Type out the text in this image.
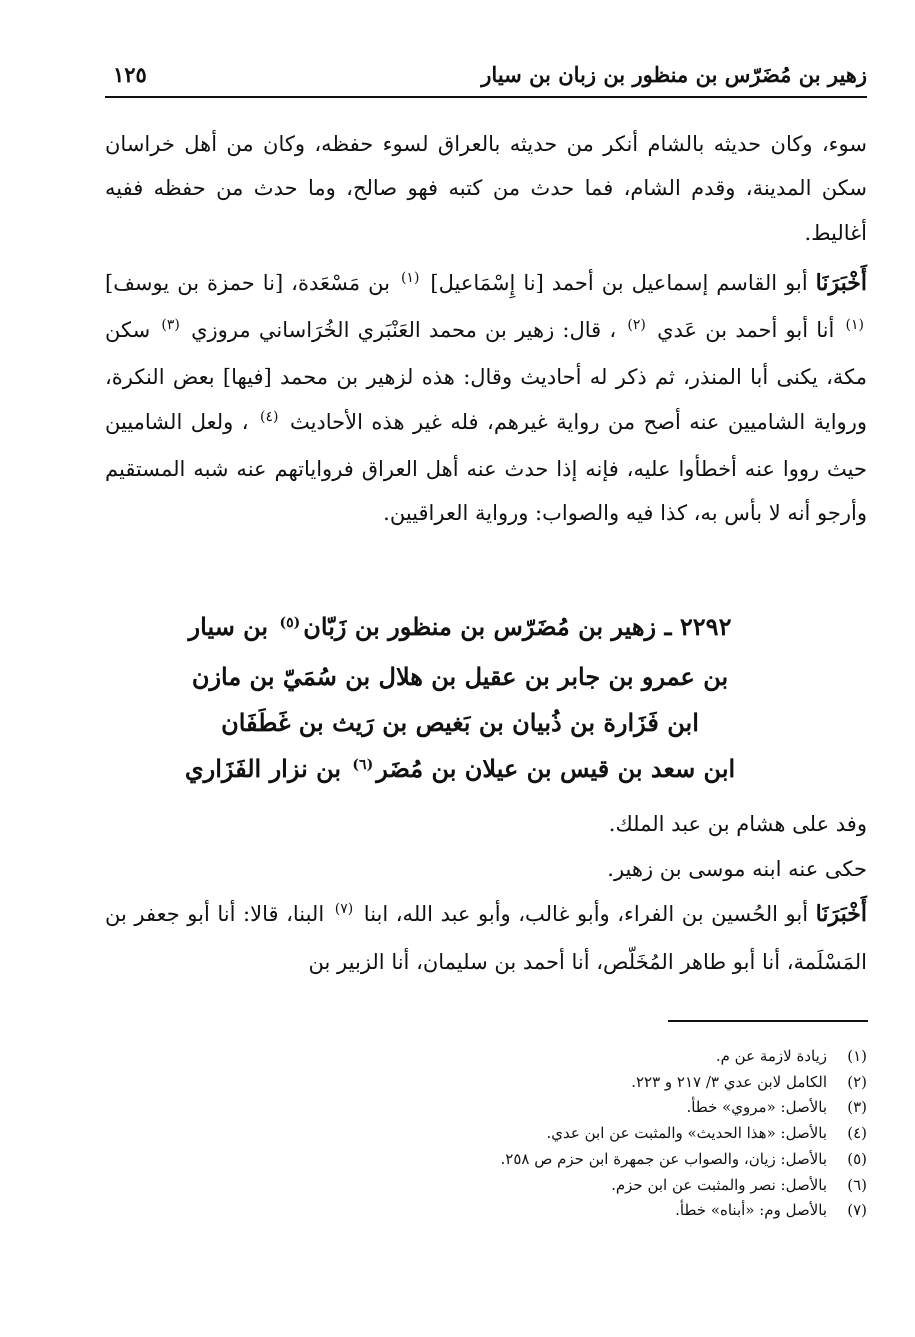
زهير بن مُضَرّس بن منظور بن زبان بن سيار
١٢٥

سوء، وكان حديثه بالشام أنكر من حديثه بالعراق لسوء حفظه، وكان من أهل خراسان سكن المدينة، وقدم الشام، فما حدث من كتبه فهو صالح، وما حدث من حفظه ففيه أغاليط.

أَخْبَرَنَا أبو القاسم إسماعيل بن أحمد [نا إِسْمَاعيل] $^{(١)}$ بن مَسْعَدة، [نا حمزة بن يوسف] $^{(١)}$ أنا أبو أحمد بن عَدي $^{(٢)}$ ، قال: زهير بن محمد العَنْبَري الخُرَاساني مروزي $^{(٣)}$ سكن مكة، يكنى أبا المنذر، ثم ذكر له أحاديث وقال: هذه لزهير بن محمد [فيها] بعض النكرة، ورواية الشاميين عنه أصح من رواية غيرهم، فله غير هذه الأحاديث $^{(٤)}$ ، ولعل الشاميين حيث رووا عنه أخطأوا عليه، فإنه إذا حدث عنه أهل العراق فرواياتهم عنه شبه المستقيم وأرجو أنه لا بأس به، كذا فيه والصواب: ورواية العراقيين.

٢٢٩٢ ـ زهير بن مُضَرّس بن منظور بن زَبّان$^{(٥)}$ بن سيار
بن عمرو بن جابر بن عقيل بن هلال بن سُمَيّ بن مازن
ابن فَزَارة بن ذُبيان بن بَغيص بن رَيث بن غَطَفَان
ابن سعد بن قيس بن عيلان بن مُضَر$^{(٦)}$ بن نزار الفَزَاري

وفد على هشام بن عبد الملك.

حكى عنه ابنه موسى بن زهير.

أَخْبَرَنَا أبو الحُسين بن الفراء، وأبو غالب، وأبو عبد الله، ابنا $^{(٧)}$ البنا، قالا: أنا أبو جعفر بن المَسْلَمة، أنا أبو طاهر المُخَلّص، أنا أحمد بن سليمان، أنا الزبير بن

(١)زيادة لازمة عن م.
(٢)الكامل لابن عدي ٣/ ٢١٧ و ٢٢٣.
(٣)بالأصل: «مروي» خطأ.
(٤)بالأصل: «هذا الحديث» والمثبت عن ابن عدي.
(٥)بالأصل: زيان، والصواب عن جمهرة ابن حزم ص ٢٥٨.
(٦)بالأصل: نصر والمثبت عن ابن حزم.
(٧)بالأصل وم: «أبناه» خطأ.
